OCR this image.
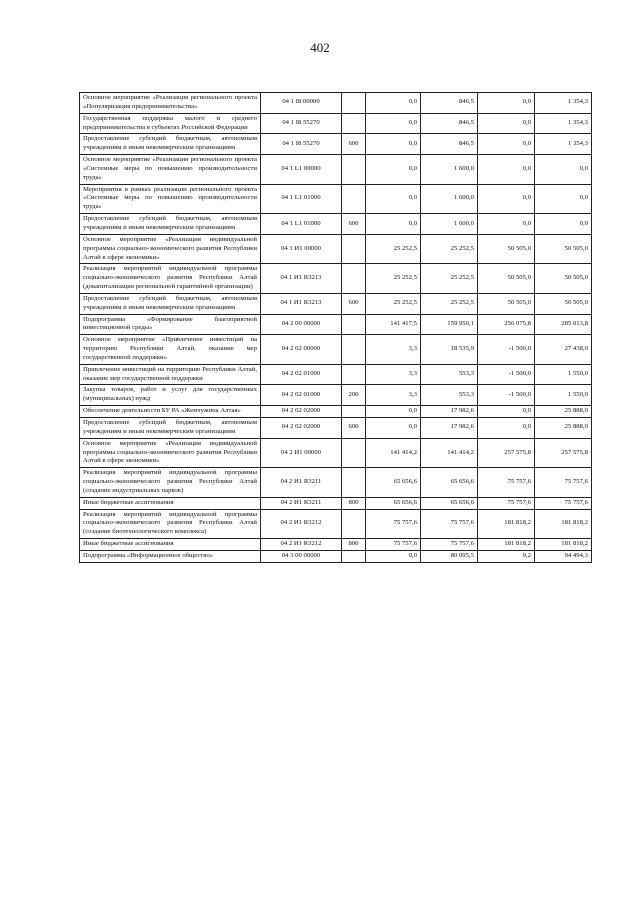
402
Основное мероприятие «Реализация регионального проекта «Популяризация предпринимательства»	04 1 I8 00000		0,0	846,5	0,0	1 354,3
Государственная поддержка малого и среднего предпринимательства в субъектах Российской Федерации	04 1 I8 55270		0,0	846,5	0,0	1 354,3
Предоставление субсидий бюджетным, автономным учреждениям и иным некоммерческим организациям	04 1 I8 55270	600	0,0	846,5	0,0	1 354,3
Основное мероприятие «Реализация регионального проекта «Системные меры по повышению производительности труда»	04 1 L1 00000		0,0	1 600,0	0,0	0,0
Мероприятия в рамках реализации регионального проекта «Системные меры по повышению производительности труда»	04 1 L1 01000		0,0	1 600,0	0,0	0,0
Предоставление субсидий бюджетным, автономным учреждениям и иным некоммерческим организациям	04 1 L1 01000	600	0,0	1 600,0	0,0	0,0
Основное мероприятие «Реализация индивидуальной программы социально-экономического развития Республики Алтай в сфере экономики»	04 1 И1 00000		25 252,5	25 252,5	50 505,0	50 505,0
Реализация мероприятий индивидуальной программы социально-экономического развития Республики Алтай (докапитализация региональной гарантийной организации)	04 1 И1 R3213		25 252,5	25 252,5	50 505,0	50 505,0
Предоставление субсидий бюджетным, автономным учреждениям и иным некоммерческим организациям	04 1 И1 R3213	600	25 252,5	25 252,5	50 505,0	50 505,0
Подпрограмма «Формирование благоприятной инвестиционной среды»	04 2 00 00000		141 417,5	159 950,1	256 075,8	285 013,8
Основное мероприятие «Привлечение инвестиций на территорию Республики Алтай, оказание мер государственной поддержки»	04 2 02 00000		3,3	18 535,9	-1 500,0	27 438,0
Привлечение инвестиций на территорию Республики Алтай, оказание мер государственной поддержки	04 2 02 01000		3,3	553,3	-1 500,0	1 550,0
Закупка товаров, работ и услуг для государственных (муниципальных) нужд	04 2 02 01000	200	3,3	553,3	-1 500,0	1 550,0
Обеспечение деятельности БУ РА «Жемчужина Алтая»	04 2 02 02000		0,0	17 982,6	0,0	25 888,0
Предоставление субсидий бюджетным, автономным учреждениям и иным некоммерческим организациям	04 2 02 02000	600	0,0	17 982,6	0,0	25 888,0
Основное мероприятие «Реализация индивидуальной программы социально-экономического развития Республики Алтай в сфере экономики»	04 2 И1 00000		141 414,2	141 414,2	257 575,8	257 575,8
Реализация мероприятий индивидуальной программы социально-экономического развития Республики Алтай (создание индустриальных парков)	04 2 И1 R3211		65 656,6	65 656,6	75 757,6	75 757,6
Иные бюджетные ассигнования	04 2 И1 R3211	800	65 656,6	65 656,6	75 757,6	75 757,6
Реализация мероприятий индивидуальной программы социально-экономического развития Республики Алтай (создание биотехнологического комплекса)	04 2 И1 R3212		75 757,6	75 757,6	181 818,2	181 818,2
Иные бюджетные ассигнования	04 2 И1 R3212	800	75 757,6	75 757,6	181 818,2	181 818,2
Подпрограмма «Информационное общество»	04 3 00 00000		0,0	80 095,5	9,2	94 494,3
